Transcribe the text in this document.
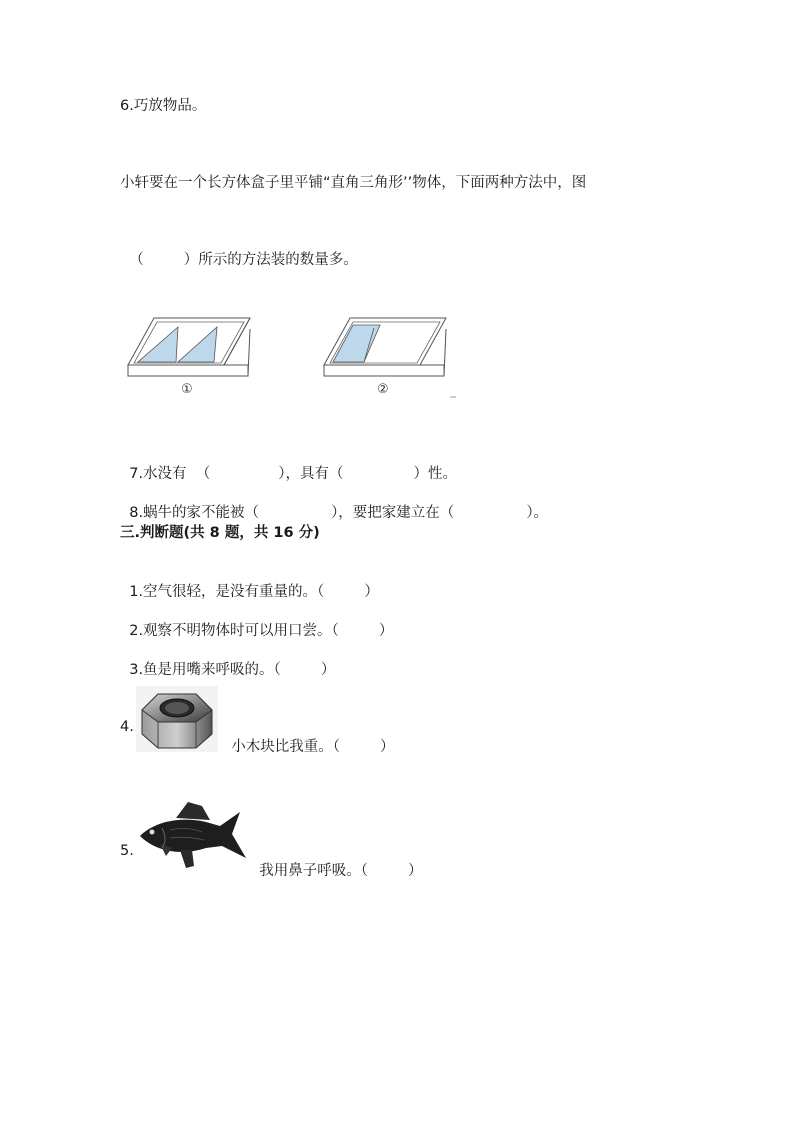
6.巧放物品。
小轩要在一个长方体盒子里平铺“直角三角形’’物体，下面两种方法中，图

（	）所示的方法装的数量多。

①	②

7.水没有  （	），具有（	）性。

8.蜗牛的家不能被（	），要把家建立在（	）。

三.判断题(共 8 题，共 16 分)

1.空气很轻，是没有重量的。（	）

2.观察不明物体时可以用口尝。（	）

3.鱼是用嘴来呼吸的。（	）

4.

小木块比我重。（	）

5.

我用鼻子呼吸。（	）
